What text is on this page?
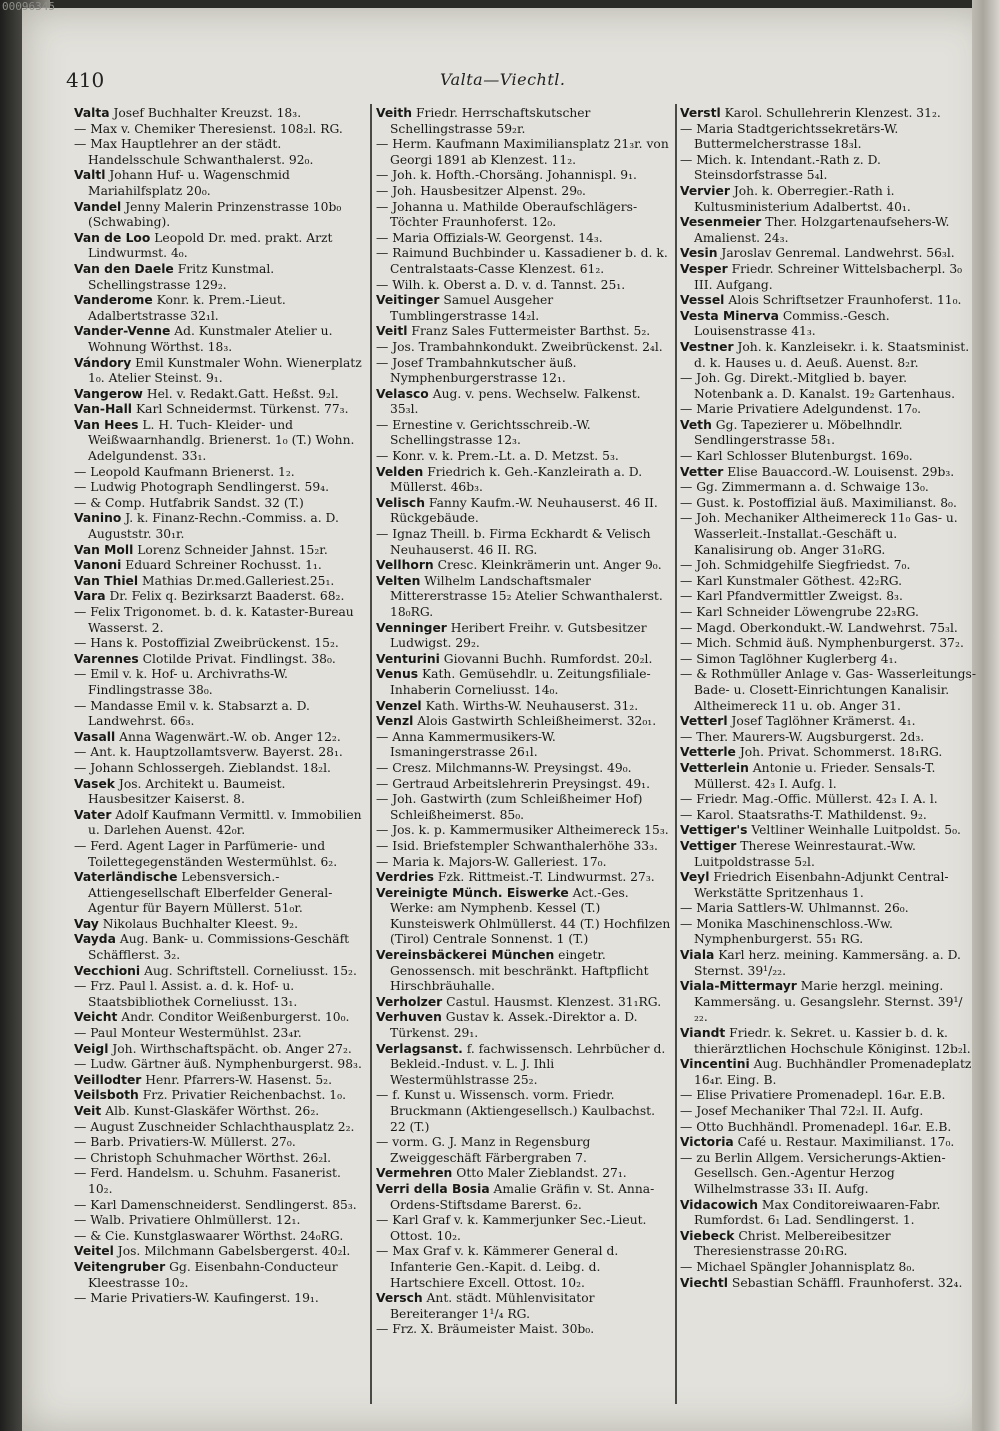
00096345
410	Valta—Viechtl.

Valta Josef Buchhalter Kreuzst. 18₃.

— Max v. Chemiker Theresienst. 108₂l. RG.

— Max Hauptlehrer an der städt. Handelsschule Schwanthalerst. 92₀.

Valtl Johann Huf- u. Wagenschmid Mariahilfsplatz 20₀.

Vandel Jenny Malerin Prinzenstrasse 10b₀ (Schwabing).

Van de Loo Leopold Dr. med. prakt. Arzt Lindwurmst. 4₀.

Van den Daele Fritz Kunstmal. Schellingstrasse 129₂.

Vanderome Konr. k. Prem.-Lieut. Adalbertstrasse 32₁l.

Vander-Venne Ad. Kunstmaler Atelier u. Wohnung Wörthst. 18₃.

Vándory Emil Kunstmaler Wohn. Wienerplatz 1₀. Atelier Steinst. 9₁.

Vangerow Hel. v. Redakt.Gatt. Heßst. 9₂l.

Van-Hall Karl Schneidermst. Türkenst. 77₃.

Van Hees L. H. Tuch- Kleider- und Weißwaarnhandlg. Brienerst. 1₀ (T.) Wohn. Adelgundenst. 33₁.

— Leopold Kaufmann Brienerst. 1₂.

— Ludwig Photograph Sendlingerst. 59₄.

— & Comp. Hutfabrik Sandst. 32 (T.)

Vanino J. k. Finanz-Rechn.-Commiss. a. D. Auguststr. 30₁r.

Van Moll Lorenz Schneider Jahnst. 15₂r.

Vanoni Eduard Schreiner Rochusst. 1₁.

Van Thiel Mathias Dr.med.Galleriest.25₁.

Vara Dr. Felix q. Bezirksarzt Baaderst. 68₂.

— Felix Trigonomet. b. d. k. Kataster-Bureau Wasserst. 2.

— Hans k. Postoffizial Zweibrückenst. 15₂.

Varennes Clotilde Privat. Findlingst. 38₀.

— Emil v. k. Hof- u. Archivraths-W. Findlingstrasse 38₀.

— Mandasse Emil v. k. Stabsarzt a. D. Landwehrst. 66₃.

Vasall Anna Wagenwärt.-W. ob. Anger 12₂.

— Ant. k. Hauptzollamtsverw. Bayerst. 28₁.

— Johann Schlossergeh. Zieblandst. 18₂l.

Vasek Jos. Architekt u. Baumeist. Hausbesitzer Kaiserst. 8.

Vater Adolf Kaufmann Vermittl. v. Immobilien u. Darlehen Auenst. 42₀r.

— Ferd. Agent Lager in Parfümerie- und Toilettegegenständen Westermühlst. 6₂.

Vaterländische Lebensversich.-Attiengesellschaft Elberfelder General-Agentur für Bayern Müllerst. 51₀r.

Vay Nikolaus Buchhalter Kleest. 9₂.

Vayda Aug. Bank- u. Commissions-Geschäft Schäfflerst. 3₂.

Vecchioni Aug. Schriftstell. Corneliusst. 15₂.

— Frz. Paul l. Assist. a. d. k. Hof- u. Staatsbibliothek Corneliusst. 13₁.

Veicht Andr. Conditor Weißenburgerst. 10₀.

— Paul Monteur Westermühlst. 23₄r.

Veigl Joh. Wirthschaftspächt. ob. Anger 27₂.

— Ludw. Gärtner äuß. Nymphenburgerst. 98₃.

Veillodter Henr. Pfarrers-W. Hasenst. 5₂.

Veilsboth Frz. Privatier Reichenbachst. 1₀.

Veit Alb. Kunst-Glaskäfer Wörthst. 26₂.

— August Zuschneider Schlachthausplatz 2₂.

— Barb. Privatiers-W. Müllerst. 27₀.

— Christoph Schuhmacher Wörthst. 26₂l.

— Ferd. Handelsm. u. Schuhm. Fasanerist. 10₂.

— Karl Damenschneiderst. Sendlingerst. 85₃.

— Walb. Privatiere Ohlmüllerst. 12₁.

— & Cie. Kunstglaswaarer Wörthst. 24₀RG.

Veitel Jos. Milchmann Gabelsbergerst. 40₂l.

Veitengruber Gg. Eisenbahn-Conducteur Kleestrasse 10₂.

— Marie Privatiers-W. Kaufingerst. 19₁.

Veith Friedr. Herrschaftskutscher Schellingstrasse 59₂r.

— Herm. Kaufmann Maximiliansplatz 21₃r. von Georgi 1891 ab Klenzest. 11₂.

— Joh. k. Hofth.-Chorsäng. Johannispl. 9₁.

— Joh. Hausbesitzer Alpenst. 29₀.

— Johanna u. Mathilde Oberaufschlägers-Töchter Fraunhoferst. 12₀.

— Maria Offizials-W. Georgenst. 14₃.

— Raimund Buchbinder u. Kassadiener b. d. k. Centralstaats-Casse Klenzest. 61₂.

— Wilh. k. Oberst a. D. v. d. Tannst. 25₁.

Veitinger Samuel Ausgeher Tumblingerstrasse 14₂l.

Veitl Franz Sales Futtermeister Barthst. 5₂.

— Jos. Trambahnkondukt. Zweibrückenst. 2₄l.

— Josef Trambahnkutscher äuß. Nymphenburgerstrasse 12₁.

Velasco Aug. v. pens. Wechselw. Falkenst. 35₃l.

— Ernestine v. Gerichtsschreib.-W. Schellingstrasse 12₃.

— Konr. v. k. Prem.-Lt. a. D. Metzst. 5₃.

Velden Friedrich k. Geh.-Kanzleirath a. D. Müllerst. 46b₃.

Velisch Fanny Kaufm.-W. Neuhauserst. 46 II. Rückgebäude.

— Ignaz Theill. b. Firma Eckhardt & Velisch Neuhauserst. 46 II. RG.

Vellhorn Cresc. Kleinkrämerin unt. Anger 9₀.

Velten Wilhelm Landschaftsmaler Mittererstrasse 15₂ Atelier Schwanthalerst. 18₀RG.

Venninger Heribert Freihr. v. Gutsbesitzer Ludwigst. 29₂.

Venturini Giovanni Buchh. Rumfordst. 20₂l.

Venus Kath. Gemüsehdlr. u. Zeitungsfiliale-Inhaberin Corneliusst. 14₀.

Venzel Kath. Wirths-W. Neuhauserst. 31₂.

Venzl Alois Gastwirth Schleißheimerst. 32₀₁.

— Anna Kammermusikers-W. Ismaningerstrasse 26₁l.

— Cresz. Milchmanns-W. Preysingst. 49₀.

— Gertraud Arbeitslehrerin Preysingst. 49₁.

— Joh. Gastwirth (zum Schleißheimer Hof) Schleißheimerst. 85₀.

— Jos. k. p. Kammermusiker Altheimereck 15₃.

— Isid. Briefstempler Schwanthalerhöhe 33₃.

— Maria k. Majors-W. Galleriest. 17₀.

Verdries Fzk. Rittmeist.-T. Lindwurmst. 27₃.

Vereinigte Münch. Eiswerke Act.-Ges. Werke: am Nymphenb. Kessel (T.) Kunsteiswerk Ohlmüllerst. 44 (T.) Hochfilzen (Tirol) Centrale Sonnenst. 1 (T.)

Vereinsbäckerei München eingetr. Genossensch. mit beschränkt. Haftpflicht Hirschbräuhalle.

Verholzer Castul. Hausmst. Klenzest. 31₁RG.

Verhuven Gustav k. Assek.-Direktor a. D. Türkenst. 29₁.

Verlagsanst. f. fachwissensch. Lehrbücher d. Bekleid.-Indust. v. L. J. Ihli Westermühlstrasse 25₂.

— f. Kunst u. Wissensch. vorm. Friedr. Bruckmann (Aktiengesellsch.) Kaulbachst. 22 (T.)

— vorm. G. J. Manz in Regensburg Zweiggeschäft Färbergraben 7.

Vermehren Otto Maler Zieblandst. 27₁.

Verri della Bosia Amalie Gräfin v. St. Anna-Ordens-Stiftsdame Barerst. 6₂.

— Karl Graf v. k. Kammerjunker Sec.-Lieut. Ottost. 10₂.

— Max Graf v. k. Kämmerer General d. Infanterie Gen.-Kapit. d. Leibg. d. Hartschiere Excell. Ottost. 10₂.

Versch Ant. städt. Mühlenvisitator Bereiteranger 1¹/₄ RG.

— Frz. X. Bräumeister Maist. 30b₀.

Verstl Karol. Schullehrerin Klenzest. 31₂.

— Maria Stadtgerichtssekretärs-W. Buttermelcherstrasse 18₃l.

— Mich. k. Intendant.-Rath z. D. Steinsdorfstrasse 5₄l.

Vervier Joh. k. Oberregier.-Rath i. Kultusministerium Adalbertst. 40₁.

Vesenmeier Ther. Holzgartenaufsehers-W. Amalienst. 24₃.

Vesin Jaroslav Genremal. Landwehrst. 56₃l.

Vesper Friedr. Schreiner Wittelsbacherpl. 3₀ III. Aufgang.

Vessel Alois Schriftsetzer Fraunhoferst. 11₀.

Vesta Minerva Commiss.-Gesch. Louisenstrasse 41₃.

Vestner Joh. k. Kanzleisekr. i. k. Staatsminist. d. k. Hauses u. d. Aeuß. Auenst. 8₂r.

— Joh. Gg. Direkt.-Mitglied b. bayer. Notenbank a. D. Kanalst. 19₂ Gartenhaus.

— Marie Privatiere Adelgundenst. 17₀.

Veth Gg. Tapezierer u. Möbelhndlr. Sendlingerstrasse 58₁.

— Karl Schlosser Blutenburgst. 169₀.

Vetter Elise Bauaccord.-W. Louisenst. 29b₃.

— Gg. Zimmermann a. d. Schwaige 13₀.

— Gust. k. Postoffizial äuß. Maximilianst. 8₀.

— Joh. Mechaniker Altheimereck 11₀ Gas- u. Wasserleit.-Installat.-Geschäft u. Kanalisirung ob. Anger 31₀RG.

— Joh. Schmidgehilfe Siegfriedst. 7₀.

— Karl Kunstmaler Göthest. 42₂RG.

— Karl Pfandvermittler Zweigst. 8₃.

— Karl Schneider Löwengrube 22₃RG.

— Magd. Oberkondukt.-W. Landwehrst. 75₃l.

— Mich. Schmid äuß. Nymphenburgerst. 37₂.

— Simon Taglöhner Kuglerberg 4₁.

— & Rothmüller Anlage v. Gas- Wasserleitungs- Bade- u. Closett-Einrichtungen Kanalisir. Altheimereck 11 u. ob. Anger 31.

Vetterl Josef Taglöhner Krämerst. 4₁.

— Ther. Maurers-W. Augsburgerst. 2d₃.

Vetterle Joh. Privat. Schommerst. 18₁RG.

Vetterlein Antonie u. Frieder. Sensals-T. Müllerst. 42₃ I. Aufg. l.

— Friedr. Mag.-Offic. Müllerst. 42₃ I. A. l.

— Karol. Staatsraths-T. Mathildenst. 9₂.

Vettiger's Veltliner Weinhalle Luitpoldst. 5₀.

Vettiger Therese Weinrestaurat.-Ww. Luitpoldstrasse 5₂l.

Veyl Friedrich Eisenbahn-Adjunkt Central-Werkstätte Spritzenhaus 1.

— Maria Sattlers-W. Uhlmannst. 26₀.

— Monika Maschinenschloss.-Ww. Nymphenburgerst. 55₁ RG.

Viala Karl herz. meining. Kammersäng. a. D. Sternst. 39¹/₂₂.

Viala-Mittermayr Marie herzgl. meining. Kammersäng. u. Gesangslehr. Sternst. 39¹/₂₂.

Viandt Friedr. k. Sekret. u. Kassier b. d. k. thierärztlichen Hochschule Königinst. 12b₂l.

Vincentini Aug. Buchhändler Promenadeplatz 16₄r. Eing. B.

— Elise Privatiere Promenadepl. 16₄r. E.B.

— Josef Mechaniker Thal 72₂l. II. Aufg.

— Otto Buchhändl. Promenadepl. 16₄r. E.B.

Victoria Café u. Restaur. Maximilianst. 17₀.

— zu Berlin Allgem. Versicherungs-Aktien-Gesellsch. Gen.-Agentur Herzog Wilhelmstrasse 33₁ II. Aufg.

Vidacowich Max Conditoreiwaaren-Fabr. Rumfordst. 6₁ Lad. Sendlingerst. 1.

Viebeck Christ. Melbereibesitzer Theresienstrasse 20₁RG.

— Michael Spängler Johannisplatz 8₀.

Viechtl Sebastian Schäffl. Fraunhoferst. 32₄.
